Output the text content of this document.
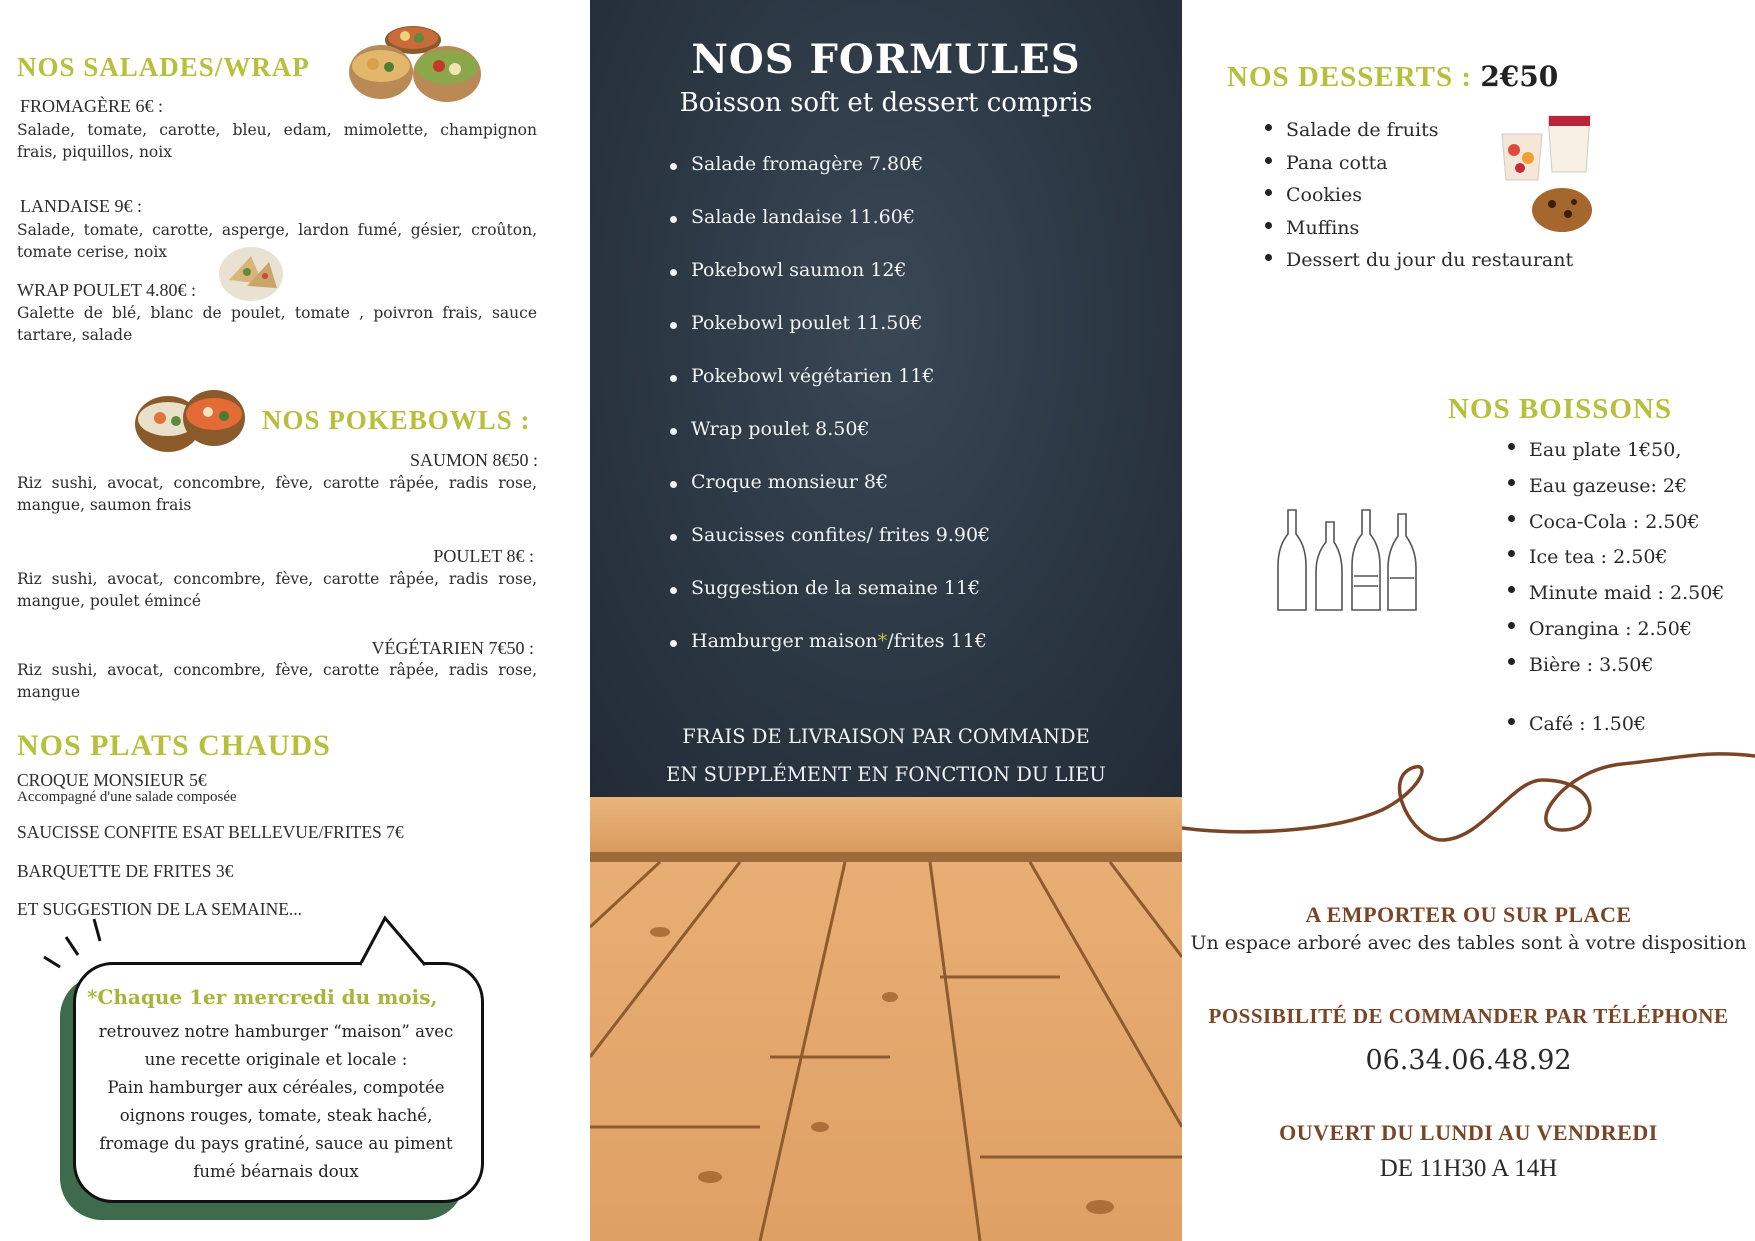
NOS SALADES/WRAP
FROMAGÈRE 6€ :
Salade, tomate, carotte, bleu, edam, mimolette, champignon frais, piquillos, noix
LANDAISE 9€ :
Salade, tomate, carotte, asperge, lardon fumé, gésier, croûton, tomate cerise, noix
WRAP POULET 4.80€ :
Galette de blé, blanc de poulet, tomate , poivron frais, sauce tartare, salade
NOS POKEBOWLS :
SAUMON 8€50 :
Riz sushi, avocat, concombre, fève, carotte râpée, radis rose, mangue, saumon frais
POULET 8€ :
Riz sushi, avocat, concombre, fève, carotte râpée, radis rose, mangue, poulet émincé
VÉGÉTARIEN 7€50 :
Riz sushi, avocat, concombre, fève, carotte râpée, radis rose, mangue
NOS PLATS CHAUDS
CROQUE MONSIEUR 5€
Accompagné d'une salade composée
SAUCISSE CONFITE ESAT BELLEVUE/FRITES 7€
BARQUETTE DE FRITES 3€
ET SUGGESTION DE LA SEMAINE...
*Chaque 1er mercredi du mois,
retrouvez notre hamburger “maison” avec
une recette originale et locale :
Pain hamburger aux céréales, compotée
oignons rouges, tomate, steak haché,
fromage du pays gratiné, sauce au piment
fumé béarnais doux
NOS FORMULES
Boisson soft et dessert compris
Salade fromagère 7.80€
Salade landaise 11.60€
Pokebowl saumon 12€
Pokebowl poulet 11.50€
Pokebowl végétarien 11€
Wrap poulet 8.50€
Croque monsieur 8€
Saucisses confites/ frites 9.90€
Suggestion de la semaine 11€
Hamburger maison*/frites 11€
FRAIS DE LIVRAISON PAR COMMANDE
EN SUPPLÉMENT EN FONCTION DU LIEU
NOS DESSERTS : 2€50
Salade de fruits
Pana cotta
Cookies
Muffins
Dessert du jour du restaurant
NOS BOISSONS
Eau plate 1€50,
Eau gazeuse: 2€
Coca-Cola : 2.50€
Ice tea : 2.50€
Minute maid : 2.50€
Orangina : 2.50€
Bière : 3.50€
Café : 1.50€
A EMPORTER OU SUR PLACE
Un espace arboré avec des tables sont à votre disposition
POSSIBILITÉ DE COMMANDER PAR TÉLÉPHONE
06.34.06.48.92
OUVERT DU LUNDI AU VENDREDI
DE 11H30 A 14H
